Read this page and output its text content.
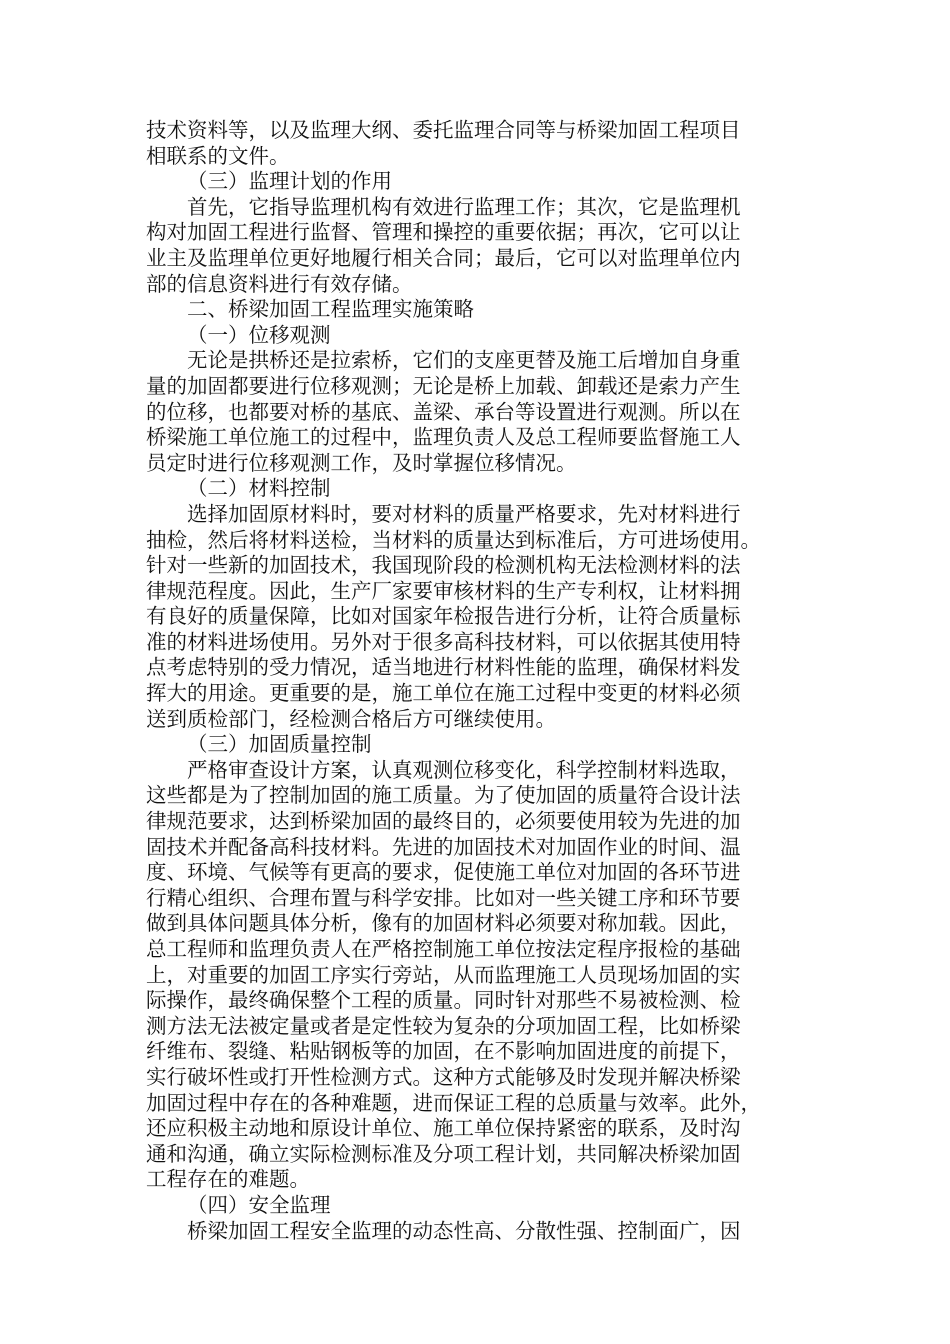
技术资料等，以及监理大纲、委托监理合同等与桥梁加固工程项目
相联系的文件。
（三）监理计划的作用
首先，它指导监理机构有效进行监理工作；其次，它是监理机
构对加固工程进行监督、管理和操控的重要依据；再次，它可以让
业主及监理单位更好地履行相关合同；最后，它可以对监理单位内
部的信息资料进行有效存储。
二、桥梁加固工程监理实施策略
（一）位移观测
无论是拱桥还是拉索桥，它们的支座更替及施工后增加自身重
量的加固都要进行位移观测；无论是桥上加载、卸载还是索力产生
的位移，也都要对桥的基底、盖梁、承台等设置进行观测。所以在
桥梁施工单位施工的过程中，监理负责人及总工程师要监督施工人
员定时进行位移观测工作，及时掌握位移情况。
（二）材料控制
选择加固原材料时，要对材料的质量严格要求，先对材料进行
抽检，然后将材料送检，当材料的质量达到标准后，方可进场使用。
针对一些新的加固技术，我国现阶段的检测机构无法检测材料的法
律规范程度。因此，生产厂家要审核材料的生产专利权，让材料拥
有良好的质量保障，比如对国家年检报告进行分析，让符合质量标
准的材料进场使用。另外对于很多高科技材料，可以依据其使用特
点考虑特别的受力情况，适当地进行材料性能的监理，确保材料发
挥大的用途。更重要的是，施工单位在施工过程中变更的材料必须
送到质检部门，经检测合格后方可继续使用。
（三）加固质量控制
严格审查设计方案，认真观测位移变化，科学控制材料选取，
这些都是为了控制加固的施工质量。为了使加固的质量符合设计法
律规范要求，达到桥梁加固的最终目的，必须要使用较为先进的加
固技术并配备高科技材料。先进的加固技术对加固作业的时间、温
度、环境、气候等有更高的要求，促使施工单位对加固的各环节进
行精心组织、合理布置与科学安排。比如对一些关键工序和环节要
做到具体问题具体分析，像有的加固材料必须要对称加载。因此，
总工程师和监理负责人在严格控制施工单位按法定程序报检的基础
上，对重要的加固工序实行旁站，从而监理施工人员现场加固的实
际操作，最终确保整个工程的质量。同时针对那些不易被检测、检
测方法无法被定量或者是定性较为复杂的分项加固工程，比如桥梁
纤维布、裂缝、粘贴钢板等的加固，在不影响加固进度的前提下，
实行破坏性或打开性检测方式。这种方式能够及时发现并解决桥梁
加固过程中存在的各种难题，进而保证工程的总质量与效率。此外，
还应积极主动地和原设计单位、施工单位保持紧密的联系，及时沟
通和沟通，确立实际检测标准及分项工程计划，共同解决桥梁加固
工程存在的难题。
（四）安全监理
桥梁加固工程安全监理的动态性高、分散性强、控制面广，因
